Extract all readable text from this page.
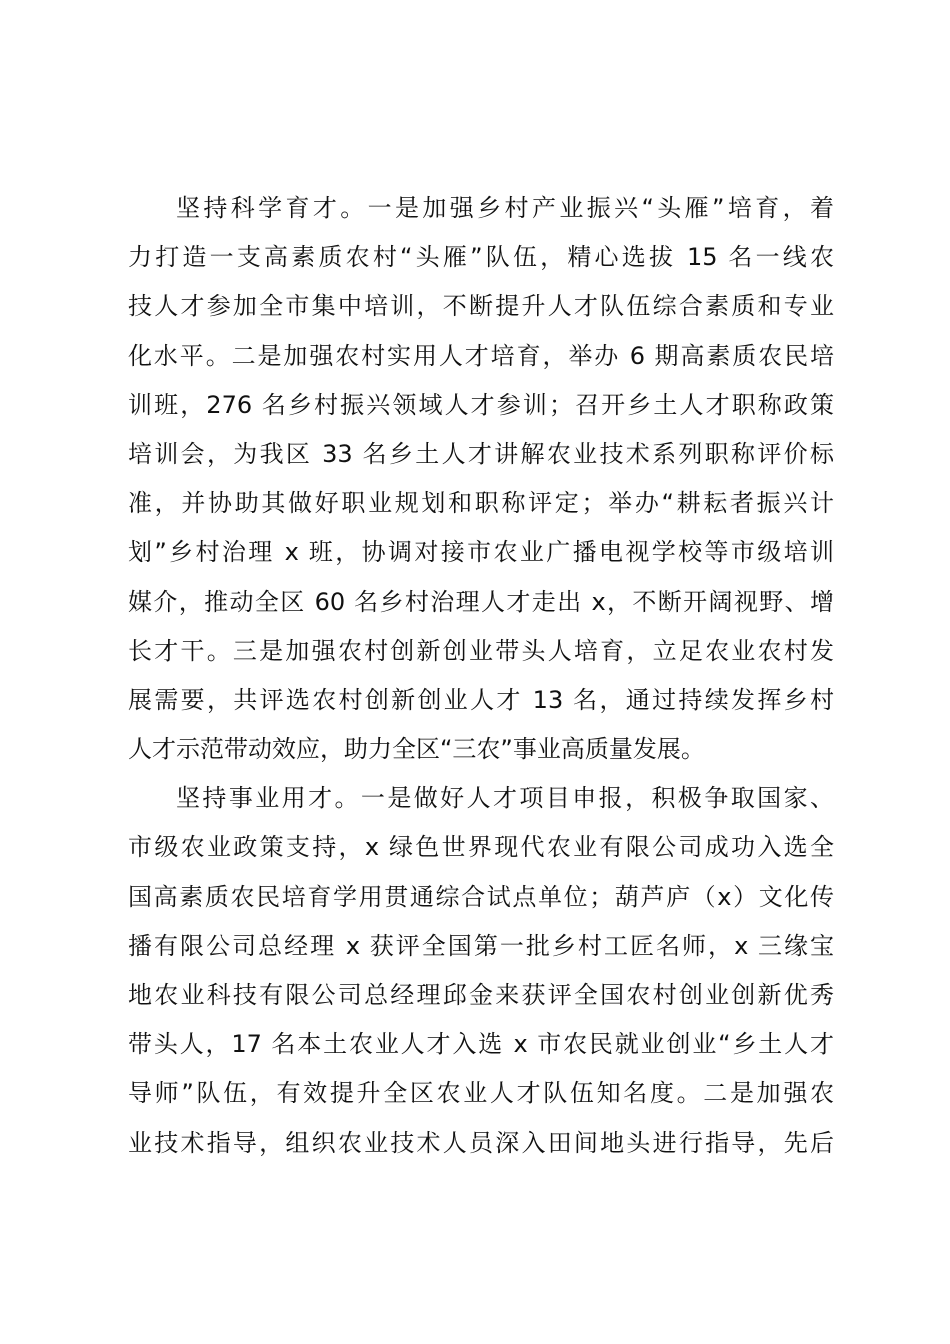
坚持科学育才。一是加强乡村产业振兴“头雁”培育，着
力打造一支高素质农村“头雁”队伍，精心选拔 15 名一线农
技人才参加全市集中培训，不断提升人才队伍综合素质和专业
化水平。二是加强农村实用人才培育，举办 6 期高素质农民培
训班，276 名乡村振兴领域人才参训；召开乡土人才职称政策
培训会，为我区 33 名乡土人才讲解农业技术系列职称评价标
准，并协助其做好职业规划和职称评定；举办“耕耘者振兴计
划”乡村治理 x 班，协调对接市农业广播电视学校等市级培训
媒介，推动全区 60 名乡村治理人才走出 x，不断开阔视野、增
长才干。三是加强农村创新创业带头人培育，立足农业农村发
展需要，共评选农村创新创业人才 13 名，通过持续发挥乡村
人才示范带动效应，助力全区“三农”事业高质量发展。
坚持事业用才。一是做好人才项目申报，积极争取国家、
市级农业政策支持，x 绿色世界现代农业有限公司成功入选全
国高素质农民培育学用贯通综合试点单位；葫芦庐（x）文化传
播有限公司总经理 x 获评全国第一批乡村工匠名师，x 三缘宝
地农业科技有限公司总经理邱金来获评全国农村创业创新优秀
带头人，17 名本土农业人才入选 x 市农民就业创业“乡土人才
导师”队伍，有效提升全区农业人才队伍知名度。二是加强农
业技术指导，组织农业技术人员深入田间地头进行指导，先后
